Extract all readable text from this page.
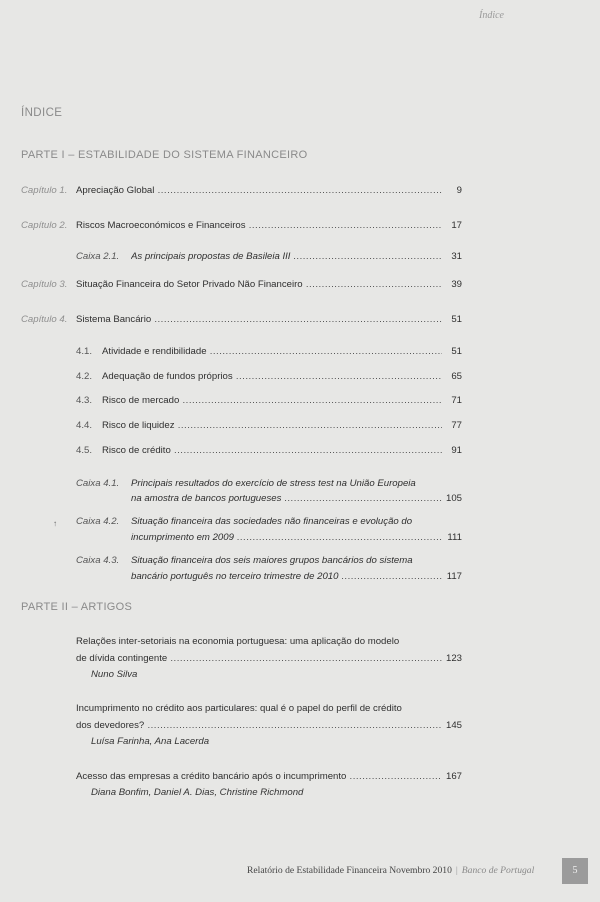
Índice
ÍNDICE
PARTE I – ESTABILIDADE DO SISTEMA FINANCEIRO
Capítulo 1. Apreciação Global .....	9
Capítulo 2. Riscos Macroeconómicos e Financeiros .....	17
Caixa 2.1. As principais propostas de Basileia III .....	31
Capítulo 3. Situação Financeira do Setor Privado Não Financeiro .....	39
Capítulo 4. Sistema Bancário .....	51
4.1. Atividade e rendibilidade .....	51
4.2. Adequação de fundos próprios .....	65
4.3. Risco de mercado .....	71
4.4. Risco de liquidez .....	77
4.5. Risco de crédito .....	91
Caixa 4.1. Principais resultados do exercício de stress test na União Europeia
na amostra de bancos portugueses .....	105
↑ Caixa 4.2. Situação financeira das sociedades não financeiras e evolução do
incumprimento em 2009 .....	111
Caixa 4.3. Situação financeira dos seis maiores grupos bancários do sistema
bancário português no terceiro trimestre de 2010 .....	117
PARTE II – ARTIGOS
Relações inter-setoriais na economia portuguesa: uma aplicação do modelo
de dívida contingente .....	123
Nuno Silva
Incumprimento no crédito aos particulares: qual é o papel do perfil de crédito
dos devedores? .....	145
Luísa Farinha, Ana Lacerda
Acesso das empresas a crédito bancário após o incumprimento .....	167
Diana Bonfim, Daniel A. Dias, Christine Richmond
Relatório de Estabilidade Financeira Novembro 2010 | Banco de Portugal	5
